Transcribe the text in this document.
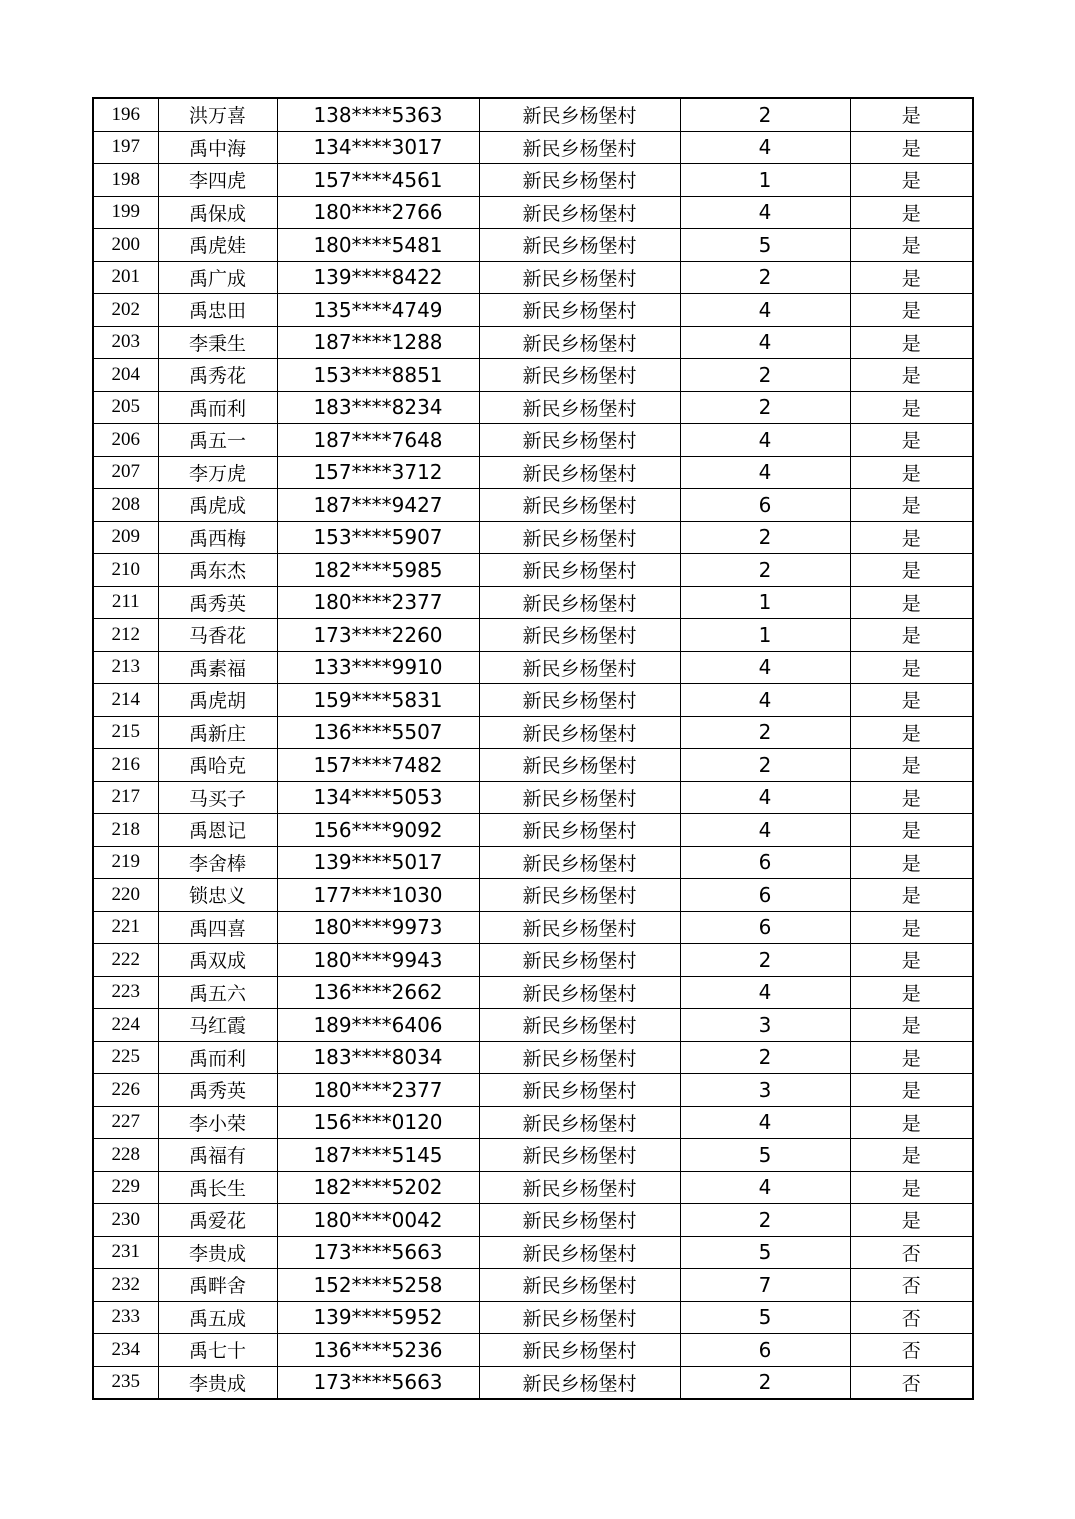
196	洪万喜	138****5363	新民乡杨堡村	2	是
197	禹中海	134****3017	新民乡杨堡村	4	是
198	李四虎	157****4561	新民乡杨堡村	1	是
199	禹保成	180****2766	新民乡杨堡村	4	是
200	禹虎娃	180****5481	新民乡杨堡村	5	是
201	禹广成	139****8422	新民乡杨堡村	2	是
202	禹忠田	135****4749	新民乡杨堡村	4	是
203	李秉生	187****1288	新民乡杨堡村	4	是
204	禹秀花	153****8851	新民乡杨堡村	2	是
205	禹而利	183****8234	新民乡杨堡村	2	是
206	禹五一	187****7648	新民乡杨堡村	4	是
207	李万虎	157****3712	新民乡杨堡村	4	是
208	禹虎成	187****9427	新民乡杨堡村	6	是
209	禹西梅	153****5907	新民乡杨堡村	2	是
210	禹东杰	182****5985	新民乡杨堡村	2	是
211	禹秀英	180****2377	新民乡杨堡村	1	是
212	马香花	173****2260	新民乡杨堡村	1	是
213	禹素福	133****9910	新民乡杨堡村	4	是
214	禹虎胡	159****5831	新民乡杨堡村	4	是
215	禹新庄	136****5507	新民乡杨堡村	2	是
216	禹哈克	157****7482	新民乡杨堡村	2	是
217	马买子	134****5053	新民乡杨堡村	4	是
218	禹恩记	156****9092	新民乡杨堡村	4	是
219	李舍棒	139****5017	新民乡杨堡村	6	是
220	锁忠义	177****1030	新民乡杨堡村	6	是
221	禹四喜	180****9973	新民乡杨堡村	6	是
222	禹双成	180****9943	新民乡杨堡村	2	是
223	禹五六	136****2662	新民乡杨堡村	4	是
224	马红霞	189****6406	新民乡杨堡村	3	是
225	禹而利	183****8034	新民乡杨堡村	2	是
226	禹秀英	180****2377	新民乡杨堡村	3	是
227	李小荣	156****0120	新民乡杨堡村	4	是
228	禹福有	187****5145	新民乡杨堡村	5	是
229	禹长生	182****5202	新民乡杨堡村	4	是
230	禹爱花	180****0042	新民乡杨堡村	2	是
231	李贵成	173****5663	新民乡杨堡村	5	否
232	禹畔舍	152****5258	新民乡杨堡村	7	否
233	禹五成	139****5952	新民乡杨堡村	5	否
234	禹七十	136****5236	新民乡杨堡村	6	否
235	李贵成	173****5663	新民乡杨堡村	2	否
